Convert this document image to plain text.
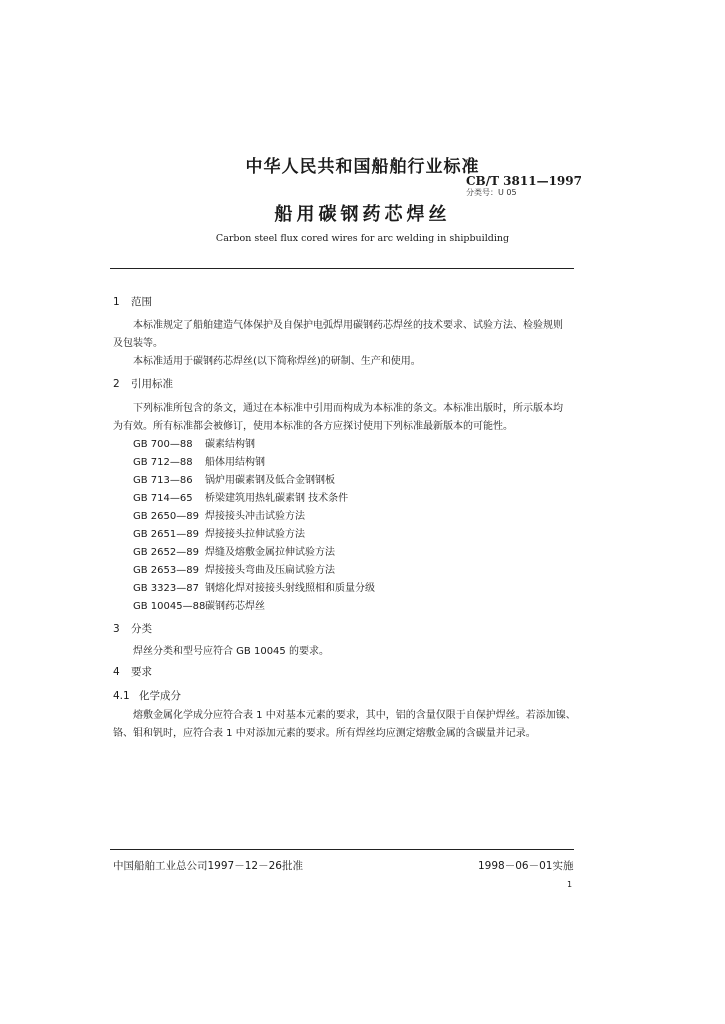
中华人民共和国船舶行业标准
CB/T 3811—1997
分类号：U 05
船用碳钢药芯焊丝
Carbon steel flux cored wires for arc welding in shipbuilding
1 范围
本标准规定了船舶建造气体保护及自保护电弧焊用碳钢药芯焊丝的技术要求、试验方法、检验规则
及包装等。
本标准适用于碳钢药芯焊丝(以下简称焊丝)的研制、生产和使用。
2 引用标准
下列标准所包含的条文，通过在本标准中引用而构成为本标准的条文。本标准出版时，所示版本均
为有效。所有标准都会被修订，使用本标准的各方应探讨使用下列标准最新版本的可能性。
GB 700—88 碳素结构钢
GB 712—88 船体用结构钢
GB 713—86 锅炉用碳素钢及低合金钢钢板
GB 714—65 桥梁建筑用热轧碳素钢 技术条件
GB 2650—89 焊接接头冲击试验方法
GB 2651—89 焊接接头拉伸试验方法
GB 2652—89 焊缝及熔敷金属拉伸试验方法
GB 2653—89 焊接接头弯曲及压扁试验方法
GB 3323—87 钢熔化焊对接接头射线照相和质量分级
GB 10045—88碳钢药芯焊丝
3 分类
焊丝分类和型号应符合 GB 10045 的要求。
4 要求
4.1 化学成分
熔敷金属化学成分应符合表 1 中对基本元素的要求，其中，铝的含量仅限于自保护焊丝。若添加镍、
铬、钼和钒时，应符合表 1 中对添加元素的要求。所有焊丝均应测定熔敷金属的含碳量并记录。
中国船舶工业总公司1997－12－26批准	1998－06－01实施
1
